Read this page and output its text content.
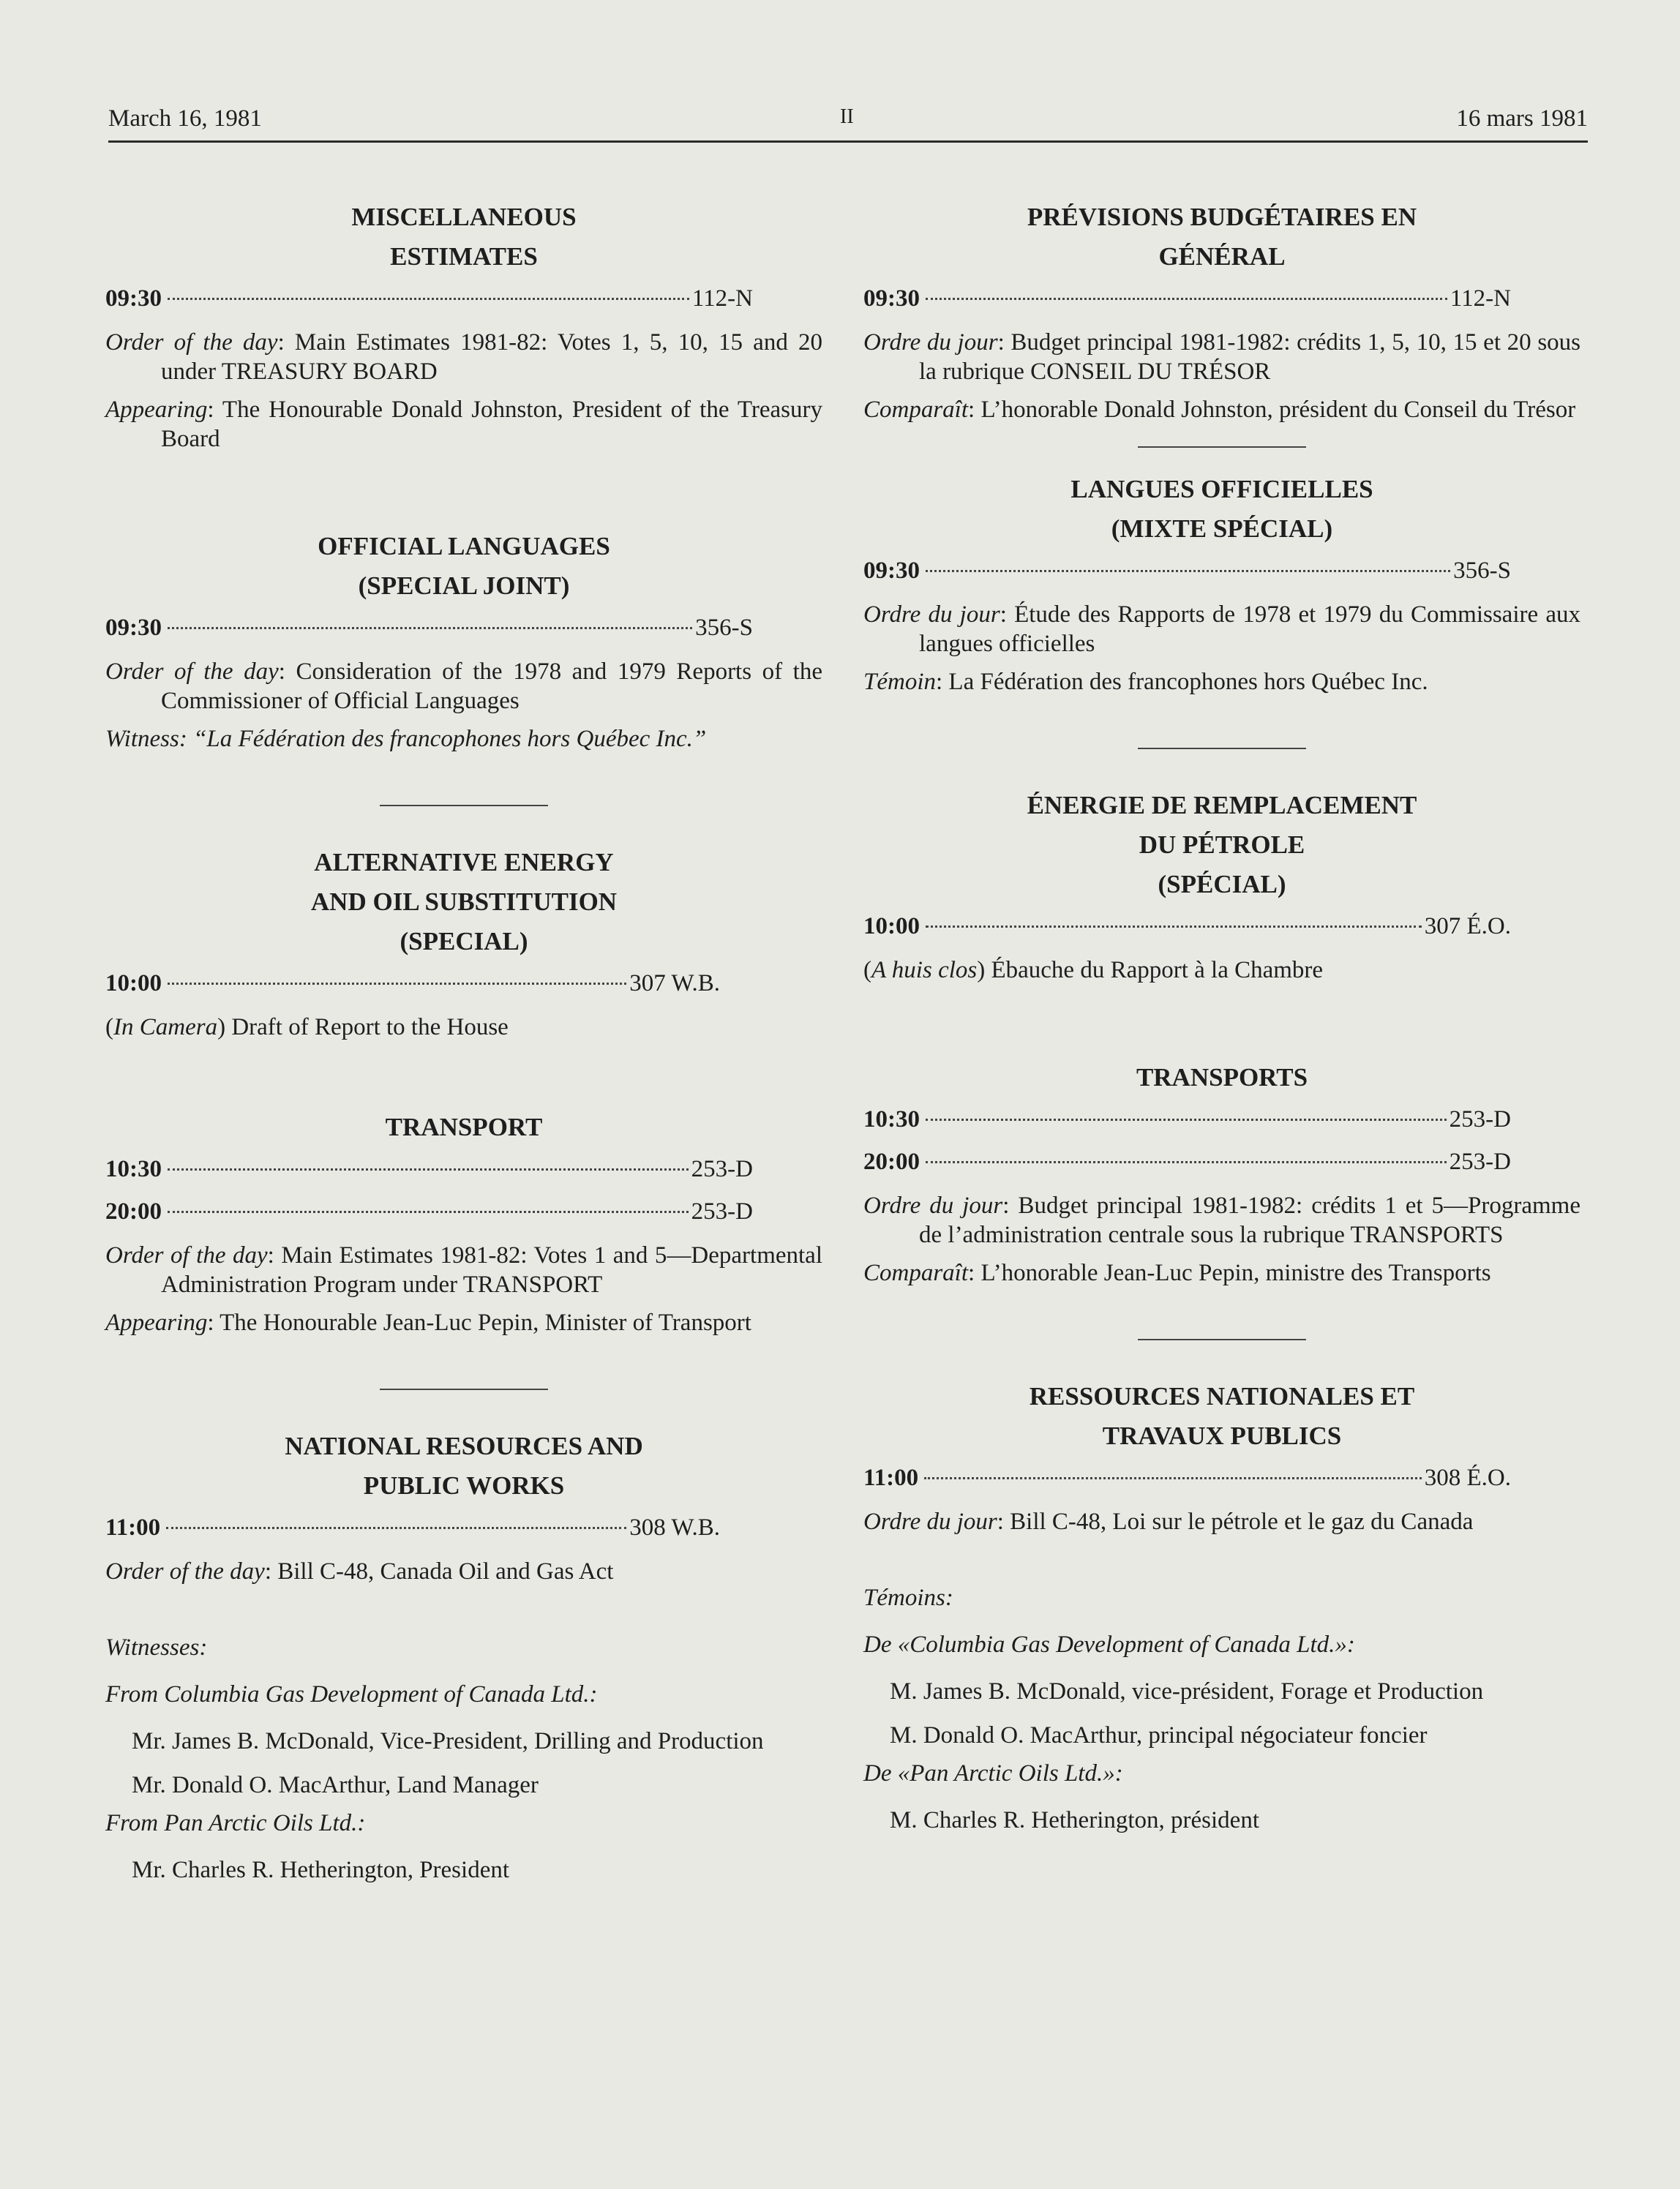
March 16, 1981	II	16 mars 1981
MISCELLANEOUS
ESTIMATES
09:30	112-N
Order of the day: Main Estimates 1981-82: Votes 1, 5, 10, 15 and 20 under TREASURY BOARD
Appearing: The Honourable Donald Johnston, President of the Treasury Board
OFFICIAL LANGUAGES
(SPECIAL JOINT)
09:30	356-S
Order of the day: Consideration of the 1978 and 1979 Reports of the Commissioner of Official Languages
Witness: “La Fédération des francophones hors Québec Inc.”
ALTERNATIVE ENERGY
AND OIL SUBSTITUTION
(SPECIAL)
10:00	307 W.B.
(In Camera) Draft of Report to the House
TRANSPORT
10:30	253-D
20:00	253-D
Order of the day: Main Estimates 1981-82: Votes 1 and 5—Departmental Administration Program under TRANSPORT
Appearing: The Honourable Jean-Luc Pepin, Minister of Transport
NATIONAL RESOURCES AND
PUBLIC WORKS
11:00	308 W.B.
Order of the day: Bill C-48, Canada Oil and Gas Act
Witnesses:
From Columbia Gas Development of Canada Ltd.:
Mr. James B. McDonald, Vice-President, Drilling and Production
Mr. Donald O. MacArthur, Land Manager
From Pan Arctic Oils Ltd.:
Mr. Charles R. Hetherington, President
PRÉVISIONS BUDGÉTAIRES EN
GÉNÉRAL
09:30	112-N
Ordre du jour: Budget principal 1981-1982: crédits 1, 5, 10, 15 et 20 sous la rubrique CONSEIL DU TRÉSOR
Comparaît: L’honorable Donald Johnston, président du Conseil du Trésor
LANGUES OFFICIELLES
(MIXTE SPÉCIAL)
09:30	356-S
Ordre du jour: Étude des Rapports de 1978 et 1979 du Commissaire aux langues officielles
Témoin: La Fédération des francophones hors Québec Inc.
ÉNERGIE DE REMPLACEMENT
DU PÉTROLE
(SPÉCIAL)
10:00	307 É.O.
(A huis clos) Ébauche du Rapport à la Chambre
TRANSPORTS
10:30	253-D
20:00	253-D
Ordre du jour: Budget principal 1981-1982: crédits 1 et 5—Programme de l’administration centrale sous la rubrique TRANSPORTS
Comparaît: L’honorable Jean-Luc Pepin, ministre des Transports
RESSOURCES NATIONALES ET
TRAVAUX PUBLICS
11:00	308 É.O.
Ordre du jour: Bill C-48, Loi sur le pétrole et le gaz du Canada
Témoins:
De «Columbia Gas Development of Canada Ltd.»:
M. James B. McDonald, vice-président, Forage et Production
M. Donald O. MacArthur, principal négociateur foncier
De «Pan Arctic Oils Ltd.»:
M. Charles R. Hetherington, président
